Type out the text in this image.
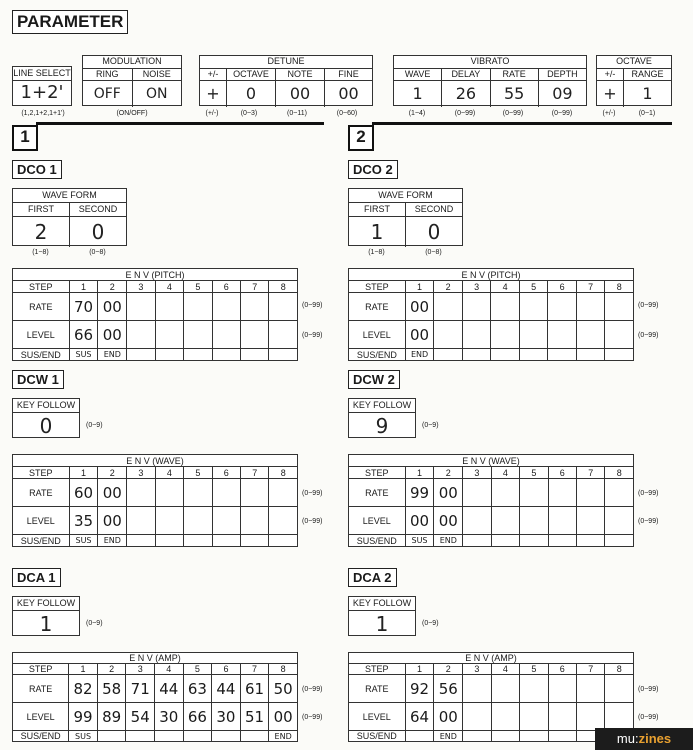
PARAMETER
LINE SELECT
1+2'
(1,2,1+2,1+1')
MODULATION
RING	NOISE
OFF	ON
(ON/OFF)
DETUNE
+/-	OCTAVE	NOTE	FINE
+	0	00	00
(+/-)	(0~3)	(0~11)	(0~60)
VIBRATO
WAVE	DELAY	RATE	DEPTH
1	26	55	09
(1~4)	(0~99)	(0~99)	(0~99)
OCTAVE
+/-	RANGE
+	1
(+/-)	(0~1)
1	2
DCO 1
WAVE FORM
FIRST	SECOND
2	0
(1~8)	(0~8)
E N V (PITCH)								
STEP	1	2	3	4	5	6	7	8
RATE	70	00						
LEVEL	66	00						
SUS/END	SUS	END						
(0~99)
(0~99)
DCW 1
KEY FOLLOW
0	(0~9)
E N V (WAVE)								
STEP	1	2	3	4	5	6	7	8
RATE	60	00						
LEVEL	35	00						
SUS/END	SUS	END						
(0~99)
(0~99)
DCA 1
KEY FOLLOW
1	(0~9)
E N V (AMP)								
STEP	1	2	3	4	5	6	7	8
RATE	82	58	71	44	63	44	61	50
LEVEL	99	89	54	30	66	30	51	00
SUS/END	SUS							END
(0~99)
(0~99)
DCO 2
WAVE FORM
FIRST	SECOND
1	0
(1~8)	(0~8)
E N V (PITCH)								
STEP	1	2	3	4	5	6	7	8
RATE	00							
LEVEL	00							
SUS/END	END							
(0~99)
(0~99)
DCW 2
KEY FOLLOW
9	(0~9)
E N V (WAVE)								
STEP	1	2	3	4	5	6	7	8
RATE	99	00						
LEVEL	00	00						
SUS/END	SUS	END						
(0~99)
(0~99)
DCA 2
KEY FOLLOW
1	(0~9)
E N V (AMP)								
STEP	1	2	3	4	5	6	7	8
RATE	92	56						
LEVEL	64	00						
SUS/END		END						
(0~99)
(0~99)
mu:zines
